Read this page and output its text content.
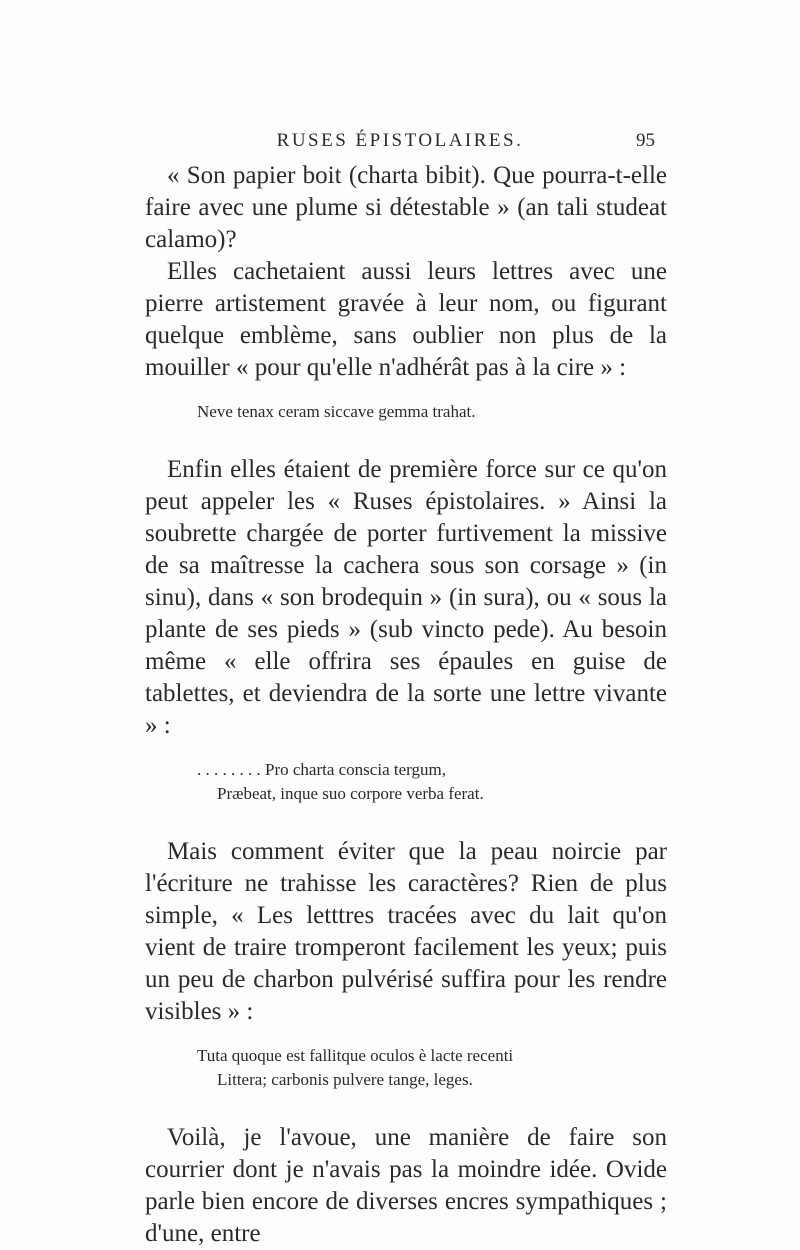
RUSES ÉPISTOLAIRES.	95

« Son papier boit (charta bibit). Que pourra-t-elle faire avec une plume si détestable » (an tali studeat calamo)?

Elles cachetaient aussi leurs lettres avec une pierre artistement gravée à leur nom, ou figurant quelque emblème, sans oublier non plus de la mouiller « pour qu'elle n'adhérât pas à la cire » :

Neve tenax ceram siccave gemma trahat.

Enfin elles étaient de première force sur ce qu'on peut appeler les « Ruses épistolaires. » Ainsi la soubrette chargée de porter furtivement la missive de sa maîtresse la cachera sous son corsage » (in sinu), dans « son brodequin » (in sura), ou « sous la plante de ses pieds » (sub vincto pede). Au besoin même « elle offrira ses épaules en guise de tablettes, et deviendra de la sorte une lettre vivante » :

. . . . . . . . Pro charta conscia tergum,
Præbeat, inque suo corpore verba ferat.

Mais comment éviter que la peau noircie par l'écriture ne trahisse les caractères? Rien de plus simple, « Les letttres tracées avec du lait qu'on vient de traire tromperont facilement les yeux; puis un peu de charbon pulvérisé suffira pour les rendre visibles » :

Tuta quoque est fallitque oculos è lacte recenti
Littera; carbonis pulvere tange, leges.

Voilà, je l'avoue, une manière de faire son courrier dont je n'avais pas la moindre idée. Ovide parle bien encore de diverses encres sympathiques ; d'une, entre
